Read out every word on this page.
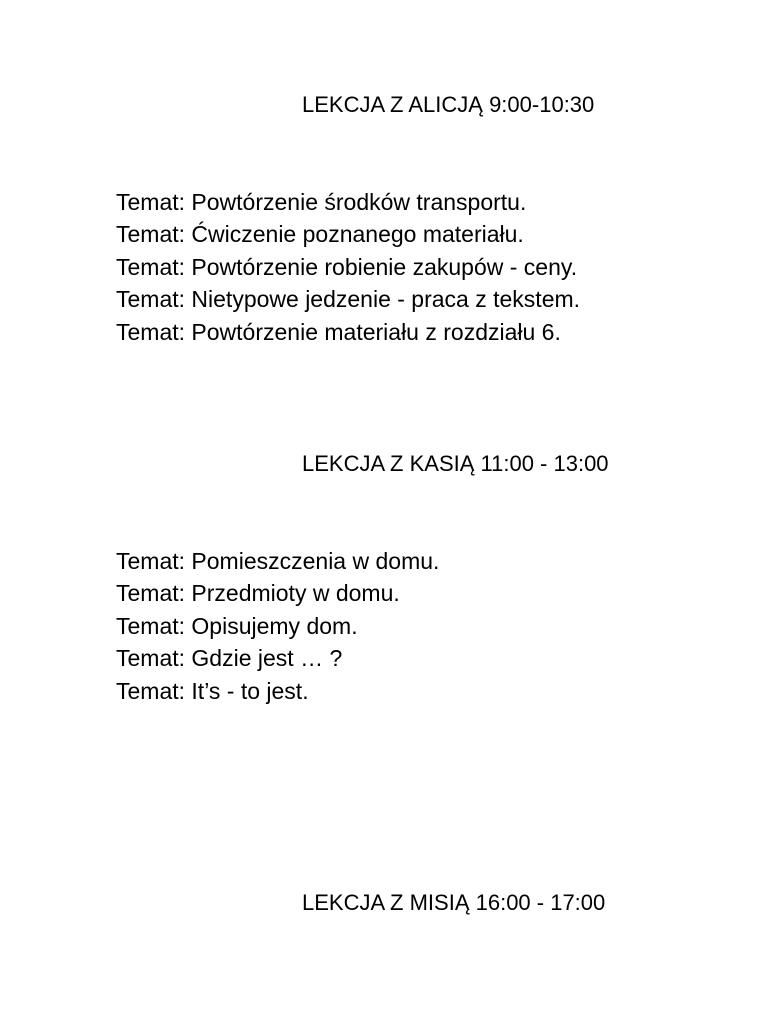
LEKCJA Z ALICJĄ 9:00-10:30
Temat: Powtórzenie środków transportu.
Temat: Ćwiczenie poznanego materiału.
Temat: Powtórzenie robienie zakupów - ceny.
Temat: Nietypowe jedzenie - praca z tekstem.
Temat: Powtórzenie materiału z rozdziału 6.
LEKCJA Z KASIĄ 11:00 - 13:00
Temat: Pomieszczenia w domu.
Temat: Przedmioty w domu.
Temat: Opisujemy dom.
Temat: Gdzie jest … ?
Temat: It’s - to jest.
LEKCJA Z MISIĄ 16:00 - 17:00
